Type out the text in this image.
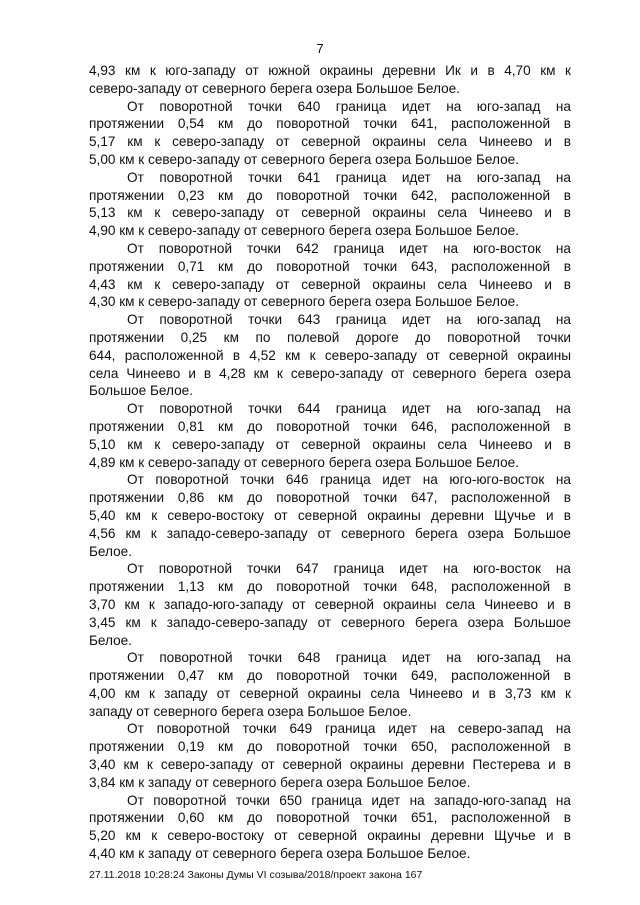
7
4,93 км к юго-западу от южной окраины деревни Ик и в 4,70 км к
северо-западу от северного берега озера Большое Белое.
От поворотной точки 640 граница идет на юго-запад на
протяжении 0,54 км до поворотной точки 641, расположенной в
5,17 км к северо-западу от северной окраины села Чинеево и в
5,00 км к северо-западу от северного берега озера Большое Белое.
От поворотной точки 641 граница идет на юго-запад на
протяжении 0,23 км до поворотной точки 642, расположенной в
5,13 км к северо-западу от северной окраины села Чинеево и в
4,90 км к северо-западу от северного берега озера Большое Белое.
От поворотной точки 642 граница идет на юго-восток на
протяжении 0,71 км до поворотной точки 643, расположенной в
4,43 км к северо-западу от северной окраины села Чинеево и в
4,30 км к северо-западу от северного берега озера Большое Белое.
От поворотной точки 643 граница идет на юго-запад на
протяжении 0,25 км по полевой дороге до поворотной точки
644, расположенной в 4,52 км к северо-западу от северной окраины
села Чинеево и в 4,28 км к северо-западу от северного берега озера
Большое Белое.
От поворотной точки 644 граница идет на юго-запад на
протяжении 0,81 км до поворотной точки 646, расположенной в
5,10 км к северо-западу от северной окраины села Чинеево и в
4,89 км к северо-западу от северного берега озера Большое Белое.
От поворотной точки 646 граница идет на юго-юго-восток на
протяжении 0,86 км до поворотной точки 647, расположенной в
5,40 км к северо-востоку от северной окраины деревни Щучье и в
4,56 км к западо-северо-западу от северного берега озера Большое
Белое.
От поворотной точки 647 граница идет на юго-восток на
протяжении 1,13 км до поворотной точки 648, расположенной в
3,70 км к западо-юго-западу от северной окраины села Чинеево и в
3,45 км к западо-северо-западу от северного берега озера Большое
Белое.
От поворотной точки 648 граница идет на юго-запад на
протяжении 0,47 км до поворотной точки 649, расположенной в
4,00 км к западу от северной окраины села Чинеево и в 3,73 км к
западу от северного берега озера Большое Белое.
От поворотной точки 649 граница идет на северо-запад на
протяжении 0,19 км до поворотной точки 650, расположенной в
3,40 км к северо-западу от северной окраины деревни Пестерева и в
3,84 км к западу от северного берега озера Большое Белое.
От поворотной точки 650 граница идет на западо-юго-запад на
протяжении 0,60 км до поворотной точки 651, расположенной в
5,20 км к северо-востоку от северной окраины деревни Щучье и в
4,40 км к западу от северного берега озера Большое Белое.
27.11.2018 10:28:24 Законы Думы VI созыва/2018/проект закона 167
